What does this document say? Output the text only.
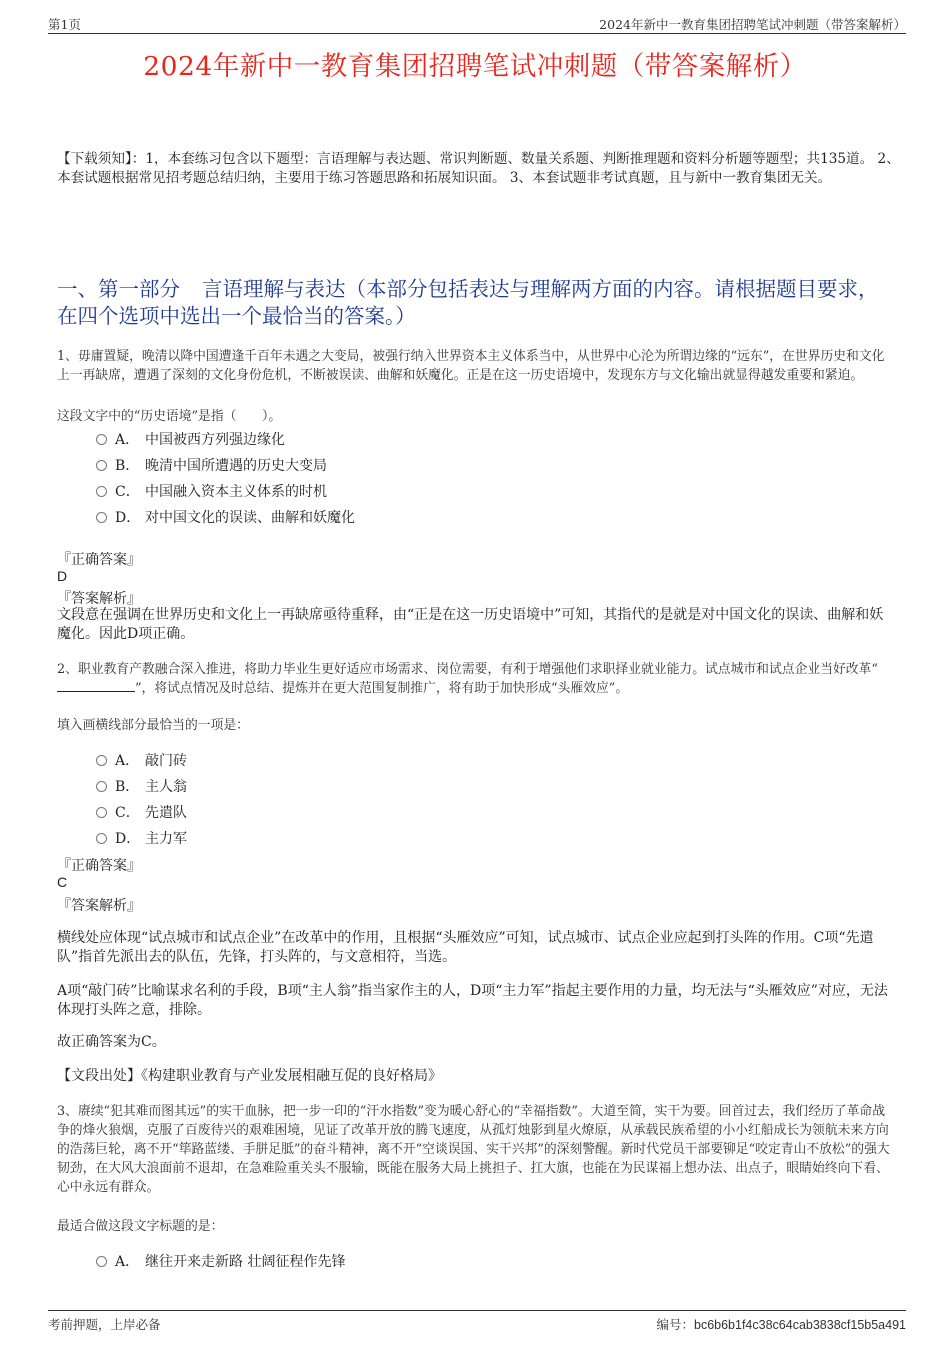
第1页	2024年新中一教育集团招聘笔试冲刺题（带答案解析）
2024年新中一教育集团招聘笔试冲刺题（带答案解析）
【下载须知】：1，本套练习包含以下题型：言语理解与表达题、常识判断题、数量关系题、判断推理题和资料分析题等题型；共135道。 2、本套试题根据常见招考题总结归纳，主要用于练习答题思路和拓展知识面。 3、本套试题非考试真题，且与新中一教育集团无关。
一、第一部分 言语理解与表达（本部分包括表达与理解两方面的内容。请根据题目要求，在四个选项中选出一个最恰当的答案。）
1、毋庸置疑，晚清以降中国遭逢千百年未遇之大变局，被强行纳入世界资本主义体系当中，从世界中心沦为所谓边缘的“远东”，在世界历史和文化上一再缺席，遭遇了深刻的文化身份危机，不断被误读、曲解和妖魔化。正是在这一历史语境中，发现东方与文化输出就显得越发重要和紧迫。
这段文字中的“历史语境”是指（　　）。
A． 中国被西方列强边缘化
B． 晚清中国所遭遇的历史大变局
C． 中国融入资本主义体系的时机
D． 对中国文化的误读、曲解和妖魔化
『正确答案』
D
『答案解析』
文段意在强调在世界历史和文化上一再缺席亟待重释，由“正是在这一历史语境中”可知，其指代的是就是对中国文化的误读、曲解和妖魔化。因此D项正确。
2、职业教育产教融合深入推进，将助力毕业生更好适应市场需求、岗位需要，有利于增强他们求职择业就业能力。试点城市和试点企业当好改革“”，将试点情况及时总结、提炼并在更大范围复制推广，将有助于加快形成“头雁效应”。
填入画横线部分最恰当的一项是：
A． 敲门砖
B． 主人翁
C． 先遣队
D． 主力军
『正确答案』
C
『答案解析』
横线处应体现“试点城市和试点企业”在改革中的作用，且根据“头雁效应”可知，试点城市、试点企业应起到打头阵的作用。C项“先遣队”指首先派出去的队伍，先锋，打头阵的，与文意相符，当选。
A项“敲门砖”比喻谋求名利的手段，B项“主人翁”指当家作主的人，D项“主力军”指起主要作用的力量，均无法与“头雁效应”对应，无法体现打头阵之意，排除。
故正确答案为C。
【文段出处】《构建职业教育与产业发展相融互促的良好格局》
3、赓续“犯其难而图其远”的实干血脉，把一步一印的“汗水指数”变为暖心舒心的“幸福指数”。大道至简，实干为要。回首过去，我们经历了革命战争的烽火狼烟，克服了百废待兴的艰难困境，见证了改革开放的腾飞速度，从孤灯烛影到星火燎原，从承载民族希望的小小红船成长为领航未来方向的浩荡巨轮，离不开“筚路蓝缕、手胼足胝”的奋斗精神，离不开“空谈误国、实干兴邦”的深刻警醒。新时代党员干部要铆足“咬定青山不放松”的强大韧劲，在大风大浪面前不退却，在急难险重关头不服输，既能在服务大局上挑担子、扛大旗，也能在为民谋福上想办法、出点子，眼睛始终向下看、心中永远有群众。
最适合做这段文字标题的是：
A． 继往开来走新路 壮阔征程作先锋
考前押题，上岸必备	编号：bc6b6b1f4c38c64cab3838cf15b5a491
